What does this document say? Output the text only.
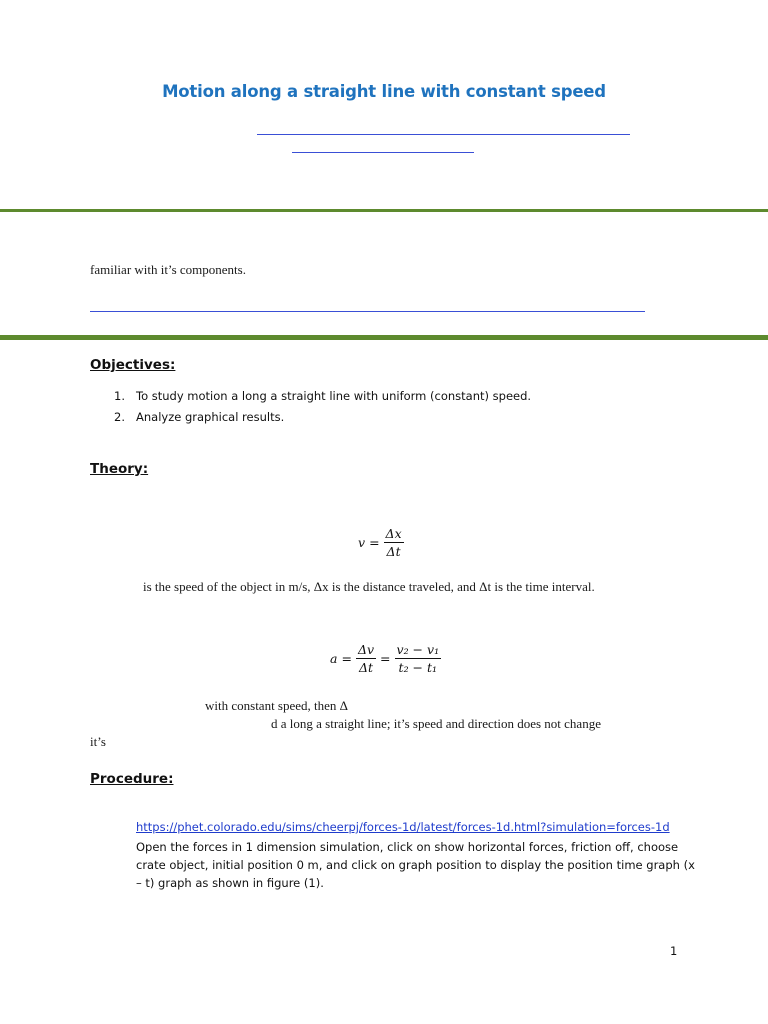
Motion along a straight line with constant speed
familiar with it’s components.
Objectives:
1. To study motion a long a straight line with uniform (constant) speed.
2. Analyze graphical results.
Theory:
$v = \frac{\Delta x}{\Delta t}$
is the speed of the object in m/s, Δx is the distance traveled, and Δt is the time interval.
$a = \frac{\Delta v}{\Delta t} = \frac{\text{v₂ − v₁}}{\text{t₂ − t₁}}$
with constant speed, then Δ
d a long a straight line; it’s speed and direction does not change
it’s
Procedure:
https://phet.colorado.edu/sims/cheerpj/forces-1d/latest/forces-1d.html?simulation=forces-1d
Open the forces in 1 dimension simulation, click on show horizontal forces, friction off, choose crate object, initial position 0 m, and click on graph position to display the position time graph (x – t) graph as shown in figure (1).
1
